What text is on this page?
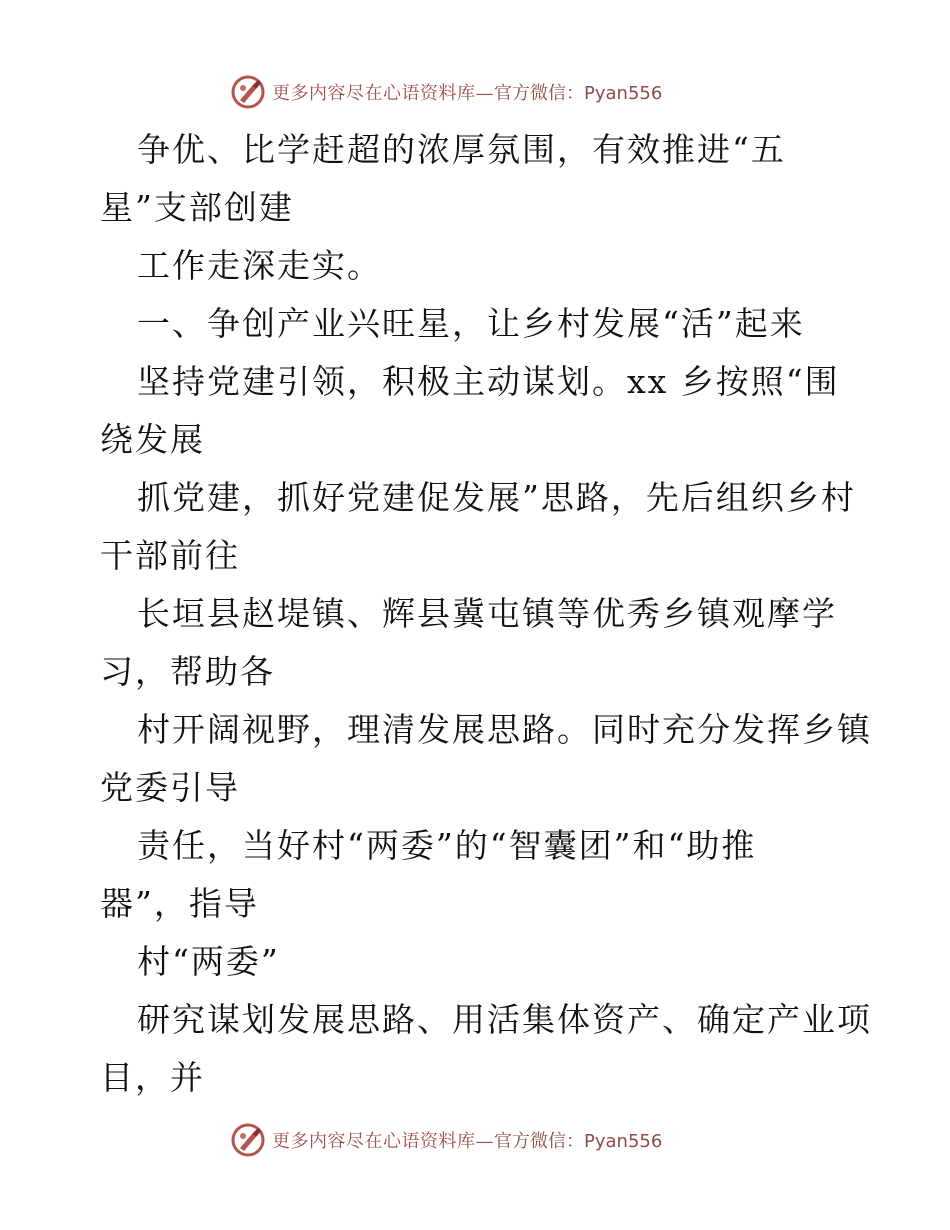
更多内容尽在心语资料库— 官方微信：Pyan556
争优、比学赶超的浓厚氛围，有效推进“五
星”支部创建
工作走深走实。
一、争创产业兴旺星，让乡村发展“活”起来
坚持党建引领，积极主动谋划。xx 乡按照“围
绕发展
抓党建，抓好党建促发展”思路，先后组织乡村
干部前往
长垣县赵堤镇、辉县冀屯镇等优秀乡镇观摩学
习，帮助各
村开阔视野，理清发展思路。同时充分发挥乡镇
党委引导
责任，当好村“两委”的“智囊团”和“助推
器”，指导
村“两委”
研究谋划发展思路、用活集体资产、确定产业项
目，并
更多内容尽在心语资料库— 官方微信：Pyan556
